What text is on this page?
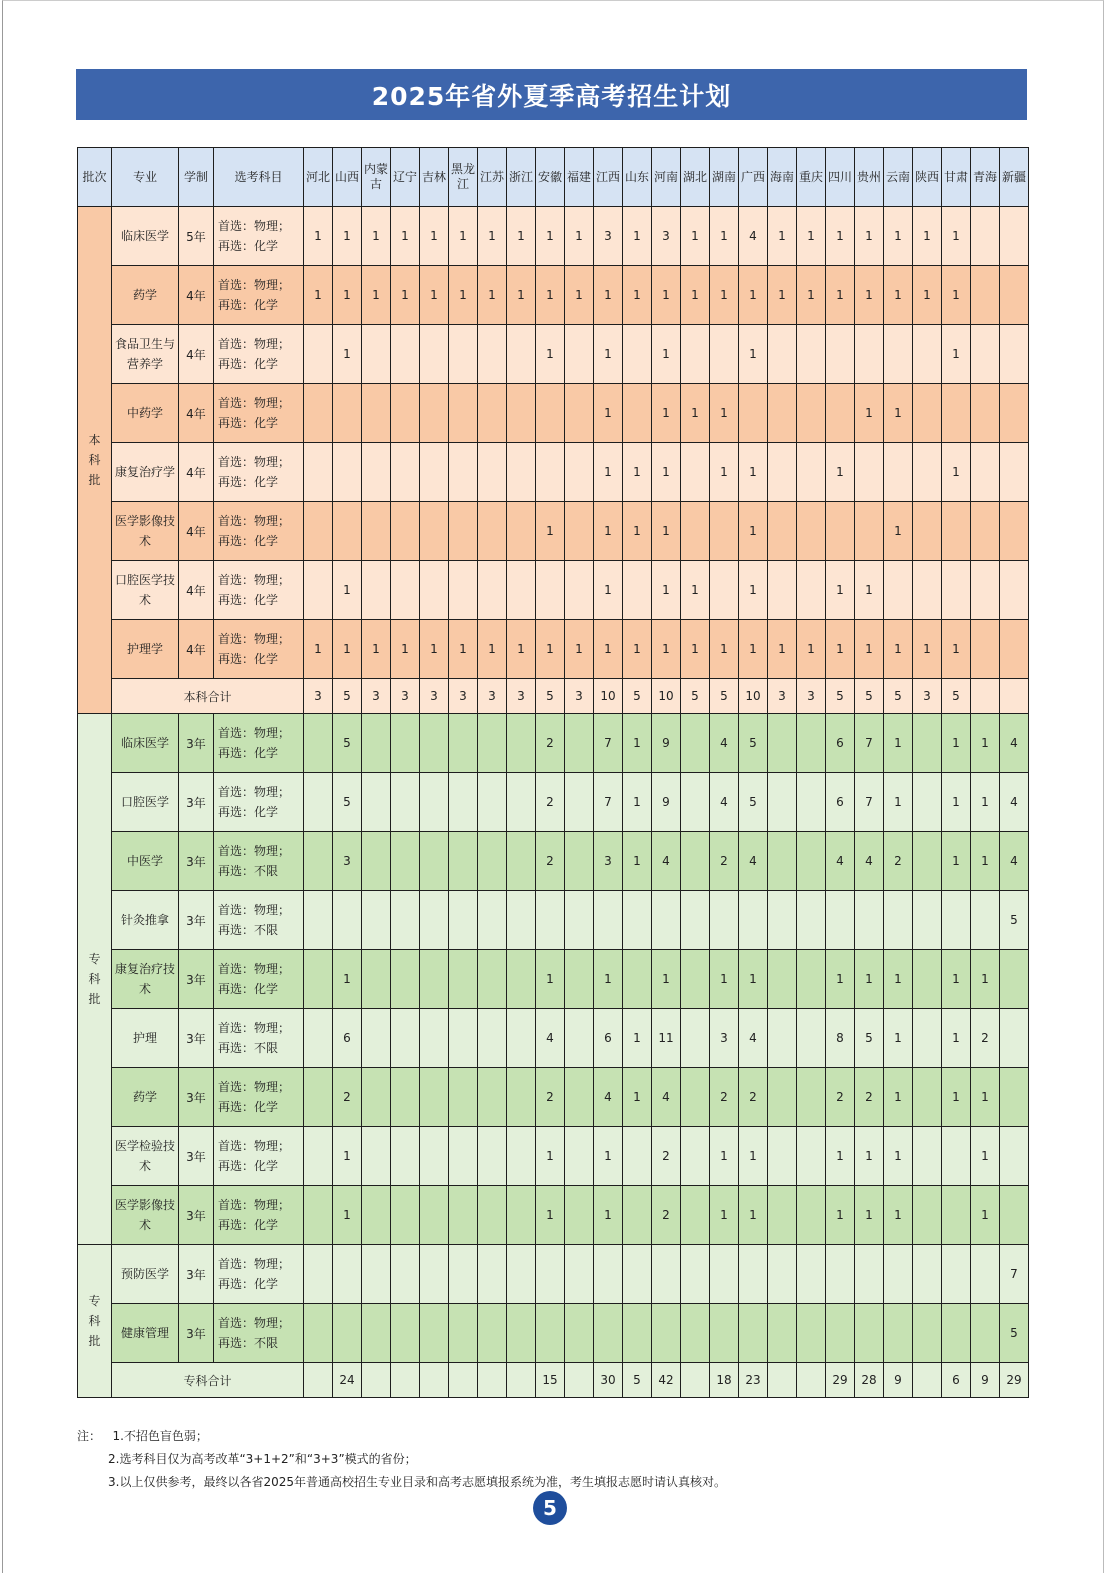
2025年省外夏季高考招生计划
批次	专业	学制	选考科目	河北	山西	内蒙古	辽宁	吉林	黑龙江	江苏	浙江	安徽	福建	江西	山东	河南	湖北	湖南	广西	海南	重庆	四川	贵州	云南	陕西	甘肃	青海	新疆
本科批	临床医学	5年	首选：物理；
再选：化学	1	1	1	1	1	1	1	1	1	1	3	1	3	1	1	4	1	1	1	1	1	1	1		
	药学	4年	首选：物理；
再选：化学	1	1	1	1	1	1	1	1	1	1	1	1	1	1	1	1	1	1	1	1	1	1	1		
	食品卫生与营养学	4年	首选：物理；
再选：化学		1							1		1		1			1							1		
	中药学	4年	首选：物理；
再选：化学											1		1	1	1					1	1				
	康复治疗学	4年	首选：物理；
再选：化学											1	1	1		1	1			1				1		
	医学影像技术	4年	首选：物理；
再选：化学									1		1	1	1			1					1				
	口腔医学技术	4年	首选：物理；
再选：化学		1									1		1	1		1			1	1					
	护理学	4年	首选：物理；
再选：化学	1	1	1	1	1	1	1	1	1	1	1	1	1	1	1	1	1	1	1	1	1	1	1		
	本科合计			3	5	3	3	3	3	3	3	5	3	10	5	10	5	5	10	3	3	5	5	5	3	5		
专科批	临床医学	3年	首选：物理；
再选：化学		5							2		7	1	9		4	5			6	7	1		1	1	4
	口腔医学	3年	首选：物理；
再选：化学		5							2		7	1	9		4	5			6	7	1		1	1	4
	中医学	3年	首选：物理；
再选：不限		3							2		3	1	4		2	4			4	4	2		1	1	4
	针灸推拿	3年	首选：物理；
再选：不限																									5
	康复治疗技术	3年	首选：物理；
再选：化学		1							1		1		1		1	1			1	1	1		1	1	
	护理	3年	首选：物理；
再选：不限		6							4		6	1	11		3	4			8	5	1		1	2	
	药学	3年	首选：物理；
再选：化学		2							2		4	1	4		2	2			2	2	1		1	1	
	医学检验技术	3年	首选：物理；
再选：化学		1							1		1		2		1	1			1	1	1			1	
	医学影像技术	3年	首选：物理；
再选：化学		1							1		1		2		1	1			1	1	1			1	
专科批	预防医学	3年	首选：物理；
再选：化学																									7
	健康管理	3年	首选：物理；
再选：不限																									5
	专科合计				24							15		30	5	42		18	23			29	28	9		6	9	29
注： 1.不招色盲色弱；
2.选考科目仅为高考改革“3+1+2”和“3+3”模式的省份；
3.以上仅供参考，最终以各省2025年普通高校招生专业目录和高考志愿填报系统为准，考生填报志愿时请认真核对。
5
